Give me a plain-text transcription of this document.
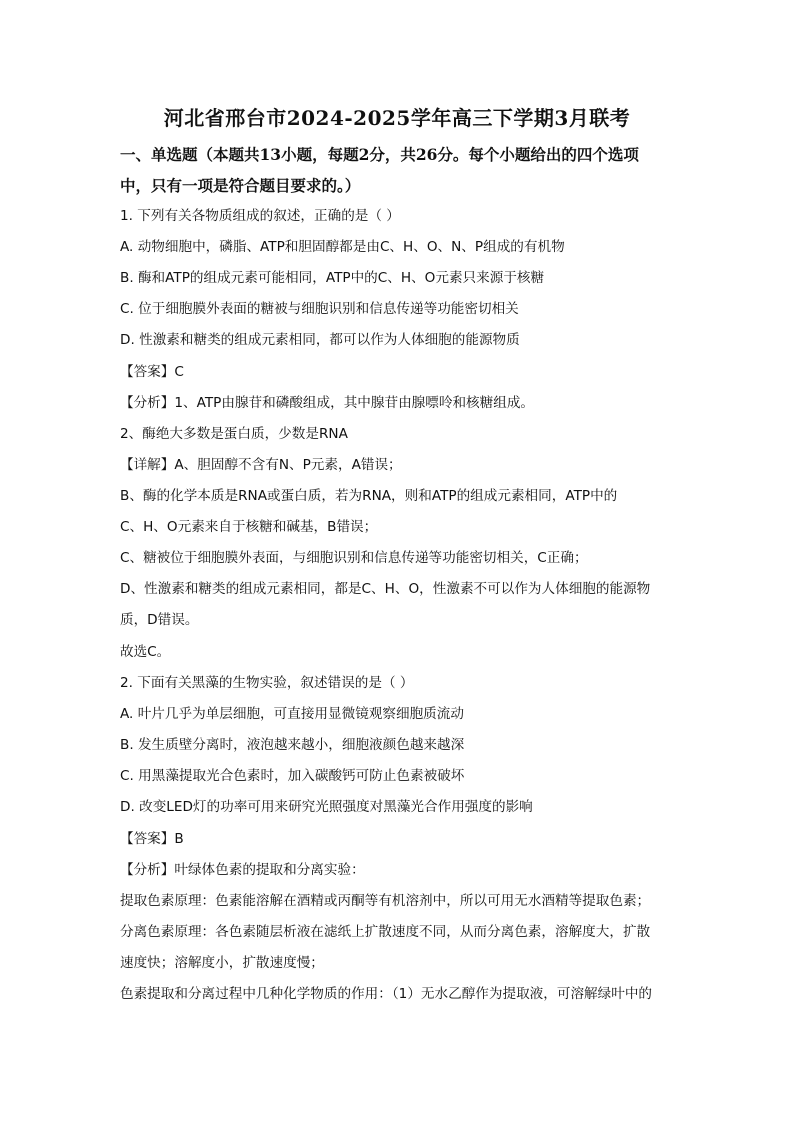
河北省邢台市2024-2025学年高三下学期3月联考
一、单选题（本题共13小题，每题2分，共26分。每个小题给出的四个选项
中，只有一项是符合题目要求的。）
1. 下列有关各物质组成的叙述，正确的是（ ）
A. 动物细胞中，磷脂、ATP和胆固醇都是由C、H、O、N、P组成的有机物
B. 酶和ATP的组成元素可能相同，ATP中的C、H、O元素只来源于核糖
C. 位于细胞膜外表面的糖被与细胞识别和信息传递等功能密切相关
D. 性激素和糖类的组成元素相同，都可以作为人体细胞的能源物质
【答案】C
【分析】1、ATP由腺苷和磷酸组成，其中腺苷由腺嘌呤和核糖组成。
2、酶绝大多数是蛋白质，少数是RNA
【详解】A、胆固醇不含有N、P元素，A错误；
B、酶的化学本质是RNA或蛋白质，若为RNA，则和ATP的组成元素相同，ATP中的
C、H、O元素来自于核糖和碱基，B错误；
C、糖被位于细胞膜外表面，与细胞识别和信息传递等功能密切相关，C正确；
D、性激素和糖类的组成元素相同，都是C、H、O，性激素不可以作为人体细胞的能源物
质，D错误。
故选C。
2. 下面有关黑藻的生物实验，叙述错误的是（ ）
A. 叶片几乎为单层细胞，可直接用显微镜观察细胞质流动
B. 发生质壁分离时，液泡越来越小，细胞液颜色越来越深
C. 用黑藻提取光合色素时，加入碳酸钙可防止色素被破坏
D. 改变LED灯的功率可用来研究光照强度对黑藻光合作用强度的影响
【答案】B
【分析】叶绿体色素的提取和分离实验：
提取色素原理：色素能溶解在酒精或丙酮等有机溶剂中，所以可用无水酒精等提取色素；
分离色素原理：各色素随层析液在滤纸上扩散速度不同，从而分离色素，溶解度大，扩散
速度快；溶解度小，扩散速度慢；
色素提取和分离过程中几种化学物质的作用：（1）无水乙醇作为提取液，可溶解绿叶中的
